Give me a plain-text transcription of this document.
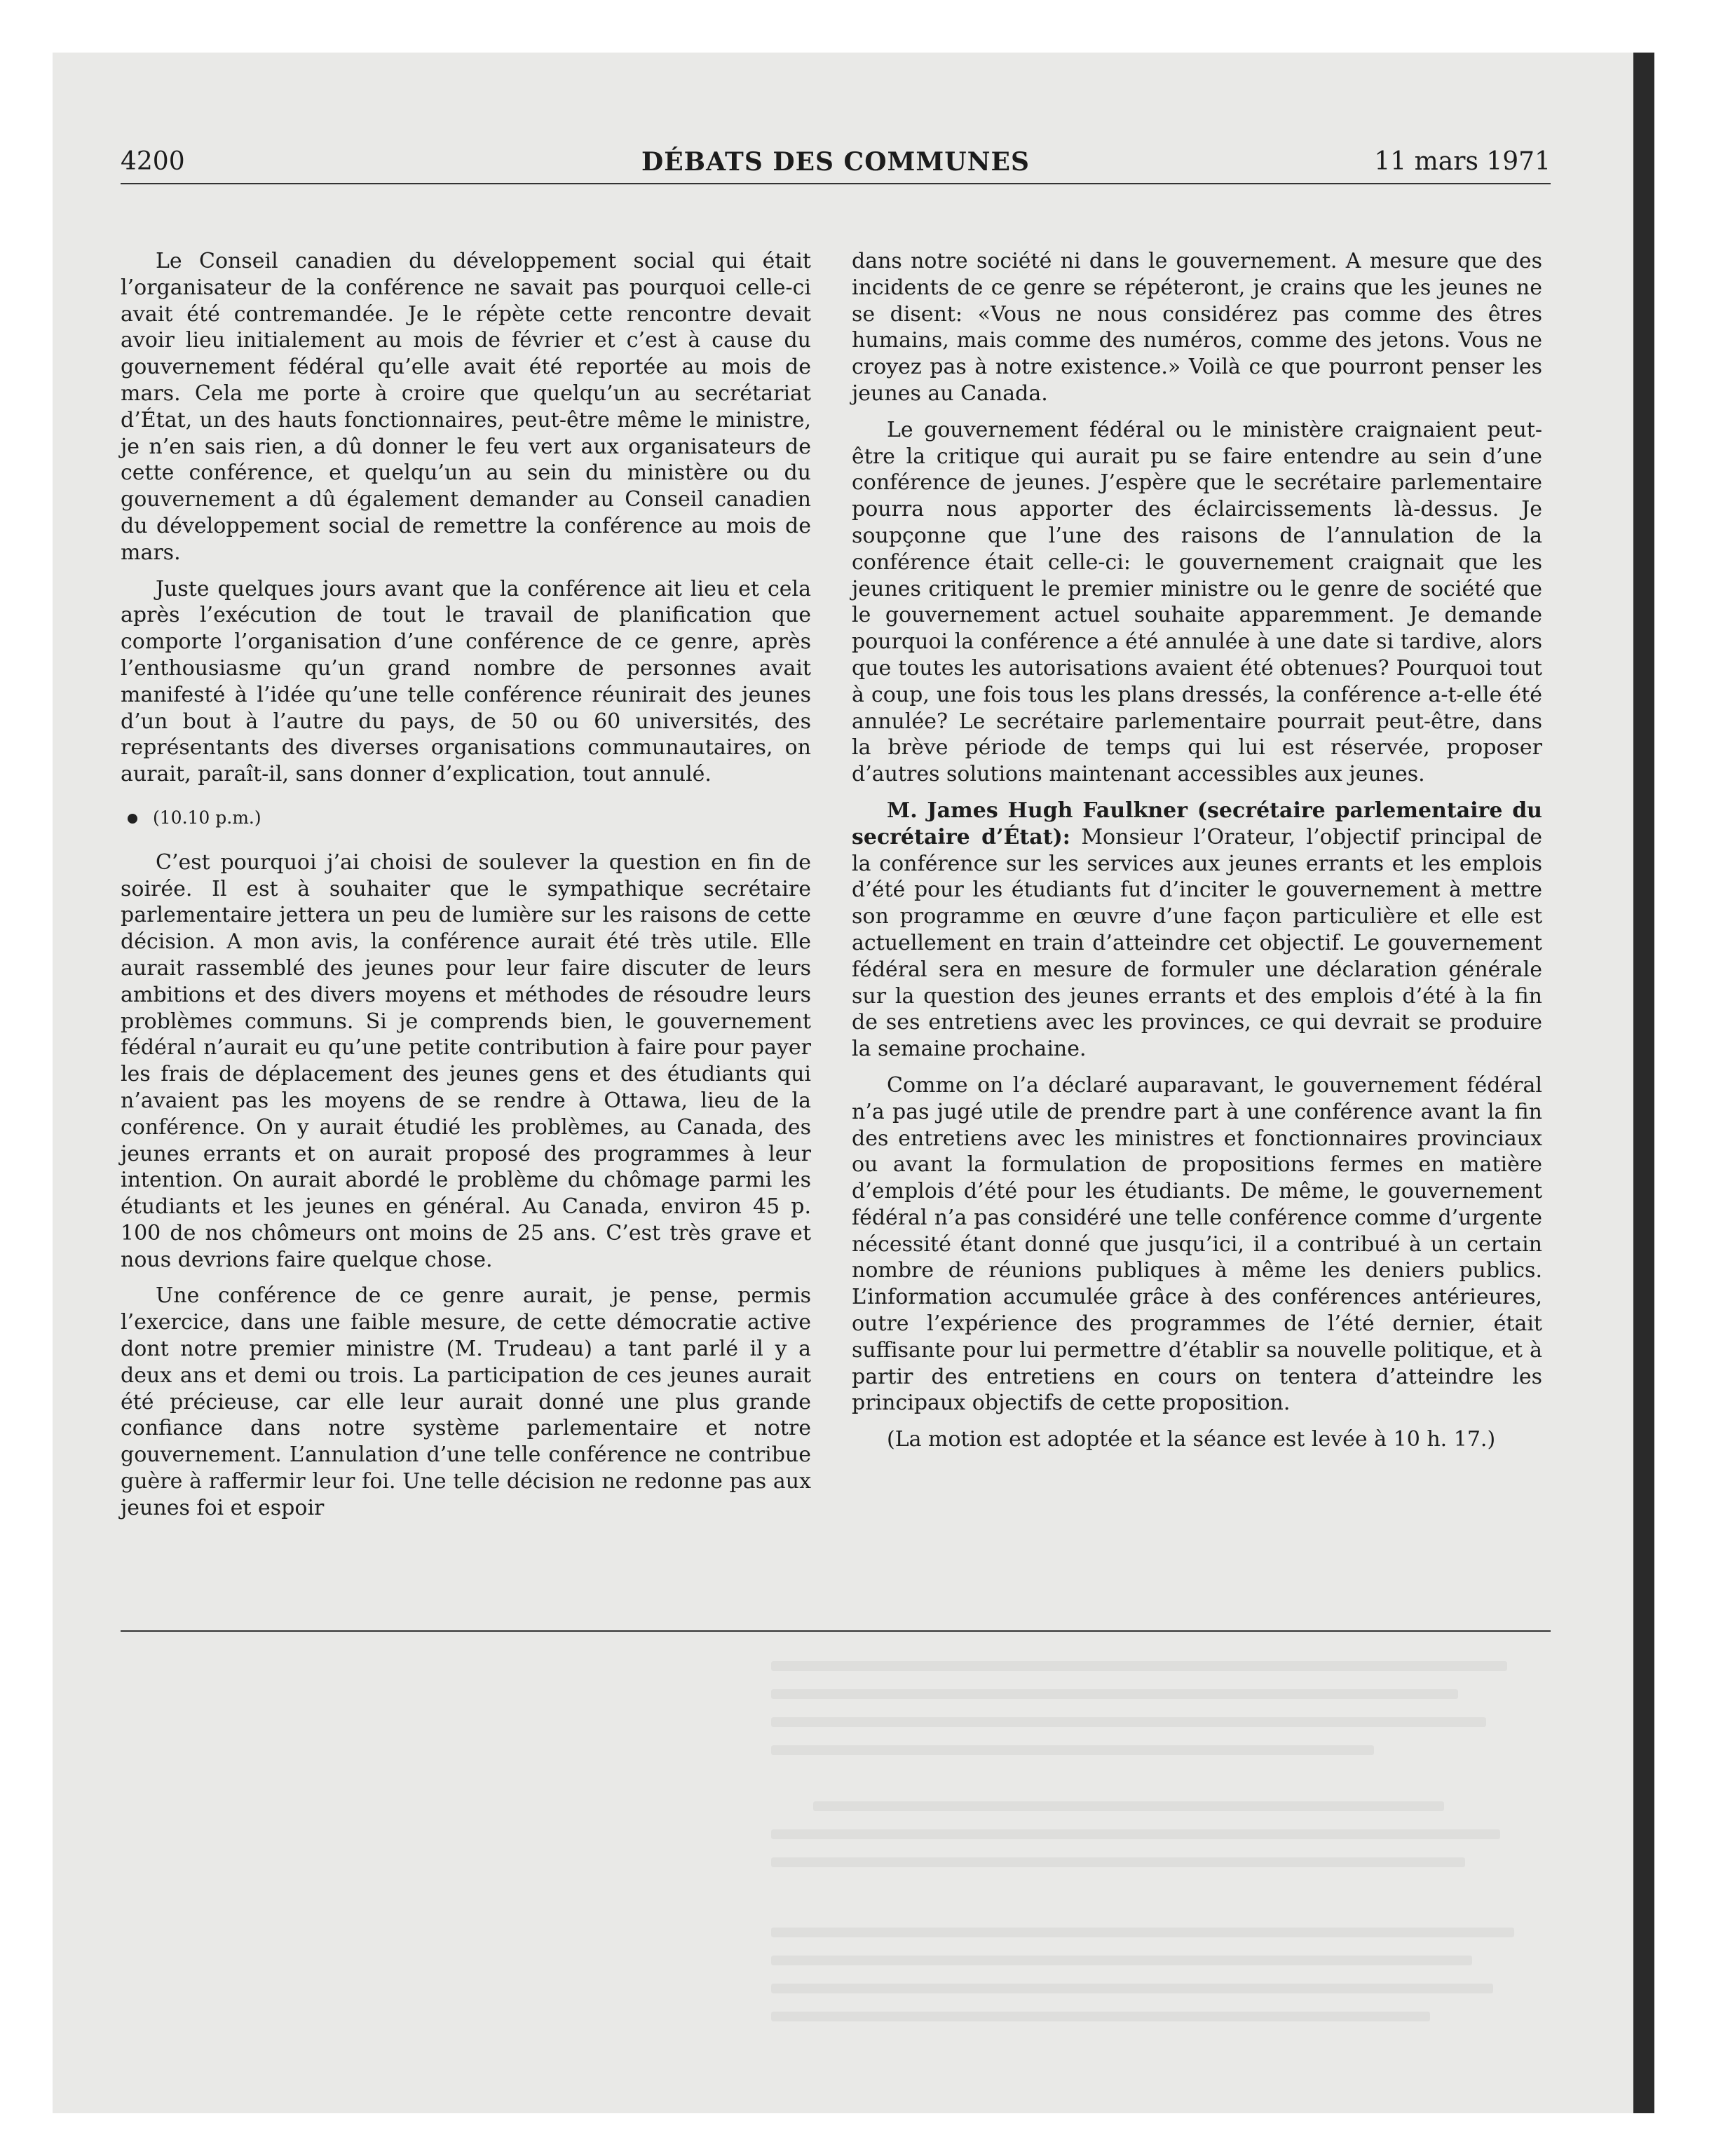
4200	DÉBATS DES COMMUNES	11 mars 1971

Le Conseil canadien du développement social qui était l’organisateur de la conférence ne savait pas pourquoi celle-ci avait été contremandée. Je le répète cette rencontre devait avoir lieu initialement au mois de février et c’est à cause du gouvernement fédéral qu’elle avait été reportée au mois de mars. Cela me porte à croire que quelqu’un au secrétariat d’État, un des hauts fonctionnaires, peut-être même le ministre, je n’en sais rien, a dû donner le feu vert aux organisateurs de cette conférence, et quelqu’un au sein du ministère ou du gouvernement a dû également demander au Conseil canadien du développement social de remettre la conférence au mois de mars.

Juste quelques jours avant que la conférence ait lieu et cela après l’exécution de tout le travail de planification que comporte l’organisation d’une conférence de ce genre, après l’enthousiasme qu’un grand nombre de personnes avait manifesté à l’idée qu’une telle conférence réunirait des jeunes d’un bout à l’autre du pays, de 50 ou 60 universités, des représentants des diverses organisations communautaires, on aurait, paraît-il, sans donner d’explication, tout annulé.

(10.10 p.m.)

C’est pourquoi j’ai choisi de soulever la question en fin de soirée. Il est à souhaiter que le sympathique secrétaire parlementaire jettera un peu de lumière sur les raisons de cette décision. A mon avis, la conférence aurait été très utile. Elle aurait rassemblé des jeunes pour leur faire discuter de leurs ambitions et des divers moyens et méthodes de résoudre leurs problèmes communs. Si je comprends bien, le gouvernement fédéral n’aurait eu qu’une petite contribution à faire pour payer les frais de déplacement des jeunes gens et des étudiants qui n’avaient pas les moyens de se rendre à Ottawa, lieu de la conférence. On y aurait étudié les problèmes, au Canada, des jeunes errants et on aurait proposé des programmes à leur intention. On aurait abordé le problème du chômage parmi les étudiants et les jeunes en général. Au Canada, environ 45 p. 100 de nos chômeurs ont moins de 25 ans. C’est très grave et nous devrions faire quelque chose.

Une conférence de ce genre aurait, je pense, permis l’exercice, dans une faible mesure, de cette démocratie active dont notre premier ministre (M. Trudeau) a tant parlé il y a deux ans et demi ou trois. La participation de ces jeunes aurait été précieuse, car elle leur aurait donné une plus grande confiance dans notre système parlementaire et notre gouvernement. L’annulation d’une telle conférence ne contribue guère à raffermir leur foi. Une telle décision ne redonne pas aux jeunes foi et espoir

dans notre société ni dans le gouvernement. A mesure que des incidents de ce genre se répéteront, je crains que les jeunes ne se disent: «Vous ne nous considérez pas comme des êtres humains, mais comme des numéros, comme des jetons. Vous ne croyez pas à notre existence.» Voilà ce que pourront penser les jeunes au Canada.

Le gouvernement fédéral ou le ministère craignaient peut-être la critique qui aurait pu se faire entendre au sein d’une conférence de jeunes. J’espère que le secrétaire parlementaire pourra nous apporter des éclaircissements là-dessus. Je soupçonne que l’une des raisons de l’annulation de la conférence était celle-ci: le gouvernement craignait que les jeunes critiquent le premier ministre ou le genre de société que le gouvernement actuel souhaite apparemment. Je demande pourquoi la conférence a été annulée à une date si tardive, alors que toutes les autorisations avaient été obtenues? Pourquoi tout à coup, une fois tous les plans dressés, la conférence a-t-elle été annulée? Le secrétaire parlementaire pourrait peut-être, dans la brève période de temps qui lui est réservée, proposer d’autres solutions maintenant accessibles aux jeunes.

M. James Hugh Faulkner (secrétaire parlementaire du secrétaire d’État): Monsieur l’Orateur, l’objectif principal de la conférence sur les services aux jeunes errants et les emplois d’été pour les étudiants fut d’inciter le gouvernement à mettre son programme en œuvre d’une façon particulière et elle est actuellement en train d’atteindre cet objectif. Le gouvernement fédéral sera en mesure de formuler une déclaration générale sur la question des jeunes errants et des emplois d’été à la fin de ses entretiens avec les provinces, ce qui devrait se produire la semaine prochaine.

Comme on l’a déclaré auparavant, le gouvernement fédéral n’a pas jugé utile de prendre part à une conférence avant la fin des entretiens avec les ministres et fonctionnaires provinciaux ou avant la formulation de propositions fermes en matière d’emplois d’été pour les étudiants. De même, le gouvernement fédéral n’a pas considéré une telle conférence comme d’urgente nécessité étant donné que jusqu’ici, il a contribué à un certain nombre de réunions publiques à même les deniers publics. L’information accumulée grâce à des conférences antérieures, outre l’expérience des programmes de l’été dernier, était suffisante pour lui permettre d’établir sa nouvelle politique, et à partir des entretiens en cours on tentera d’atteindre les principaux objectifs de cette proposition.

(La motion est adoptée et la séance est levée à 10 h. 17.)
